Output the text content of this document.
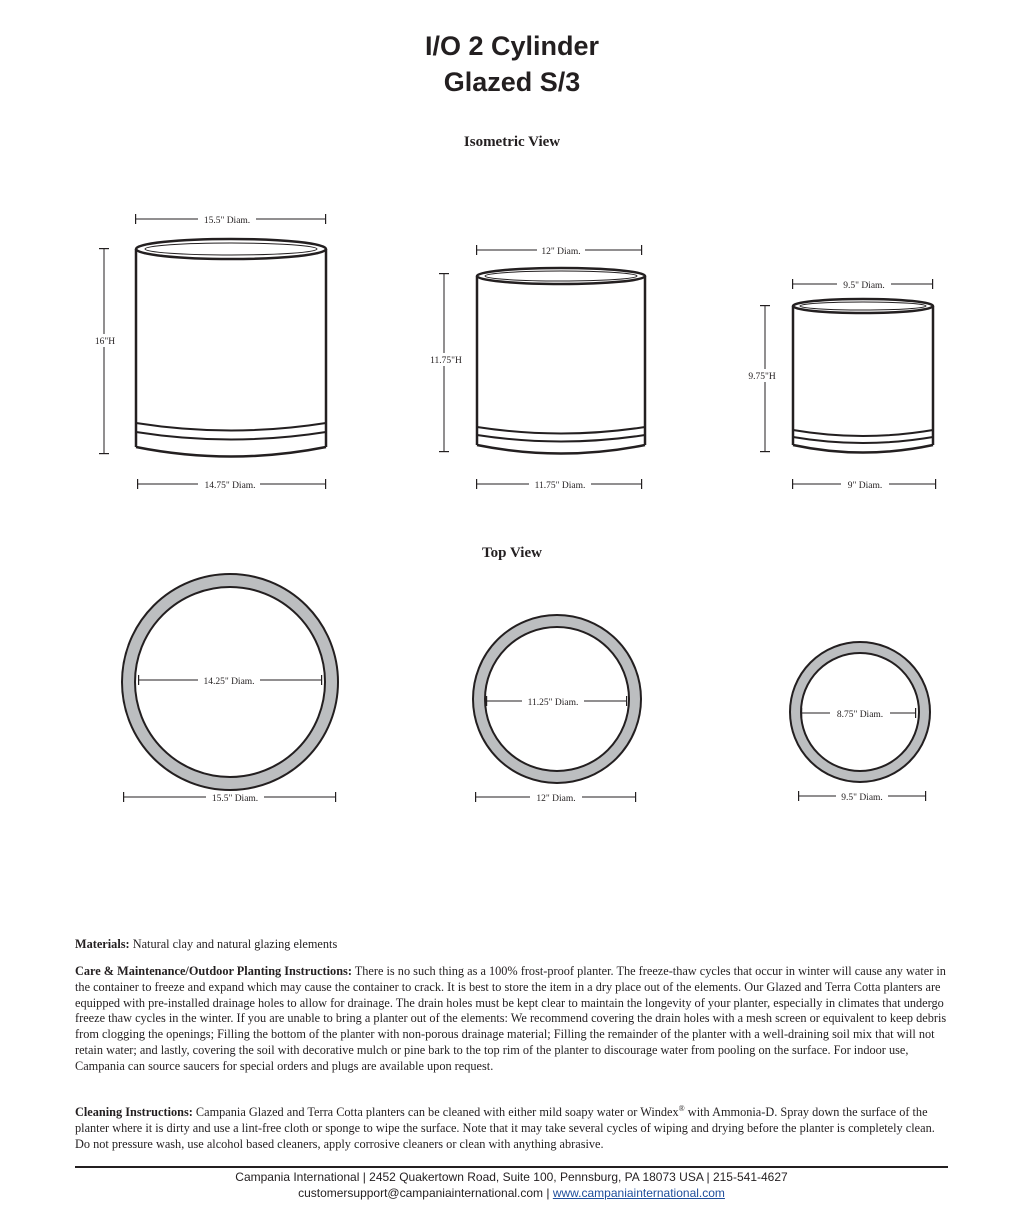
I/O 2 Cylinder
Glazed S/3
Isometric View
Top View
15.5" Diam.
16"H
14.75" Diam.
12" Diam.
11.75"H
11.75" Diam.
9.5" Diam.
9.75"H
9" Diam.
14.25" Diam.
15.5" Diam.
11.25" Diam.
12" Diam.
8.75" Diam.
9.5" Diam.
Materials: Natural clay and natural glazing elements
Care & Maintenance/Outdoor Planting Instructions: There is no such thing as a 100% frost-proof planter. The freeze-thaw cycles that occur in winter will cause any water in the container to freeze and expand which may cause the container to crack. It is best to store the item in a dry place out of the elements. Our Glazed and Terra Cotta planters are equipped with pre-installed drainage holes to allow for drainage. The drain holes must be kept clear to maintain the longevity of your planter, especially in climates that undergo freeze thaw cycles in the winter. If you are unable to bring a planter out of the elements: We recommend covering the drain holes with a mesh screen or equivalent to keep debris from clogging the openings; Filling the bottom of the planter with non-porous drainage material; Filling the remainder of the planter with a well-draining soil mix that will not retain water; and lastly, covering the soil with decorative mulch or pine bark to the top rim of the planter to discourage water from pooling on the surface. For indoor use, Campania can source saucers for special orders and plugs are available upon request.
Cleaning Instructions: Campania Glazed and Terra Cotta planters can be cleaned with either mild soapy water or Windex® with Ammonia-D. Spray down the surface of the planter where it is dirty and use a lint-free cloth or sponge to wipe the surface. Note that it may take several cycles of wiping and drying before the planter is completely clean. Do not pressure wash, use alcohol based cleaners, apply corrosive cleaners or clean with anything abrasive.
Campania International | 2452 Quakertown Road, Suite 100, Pennsburg, PA 18073 USA | 215-541-4627
customersupport@campaniainternational.com | www.campaniainternational.com
